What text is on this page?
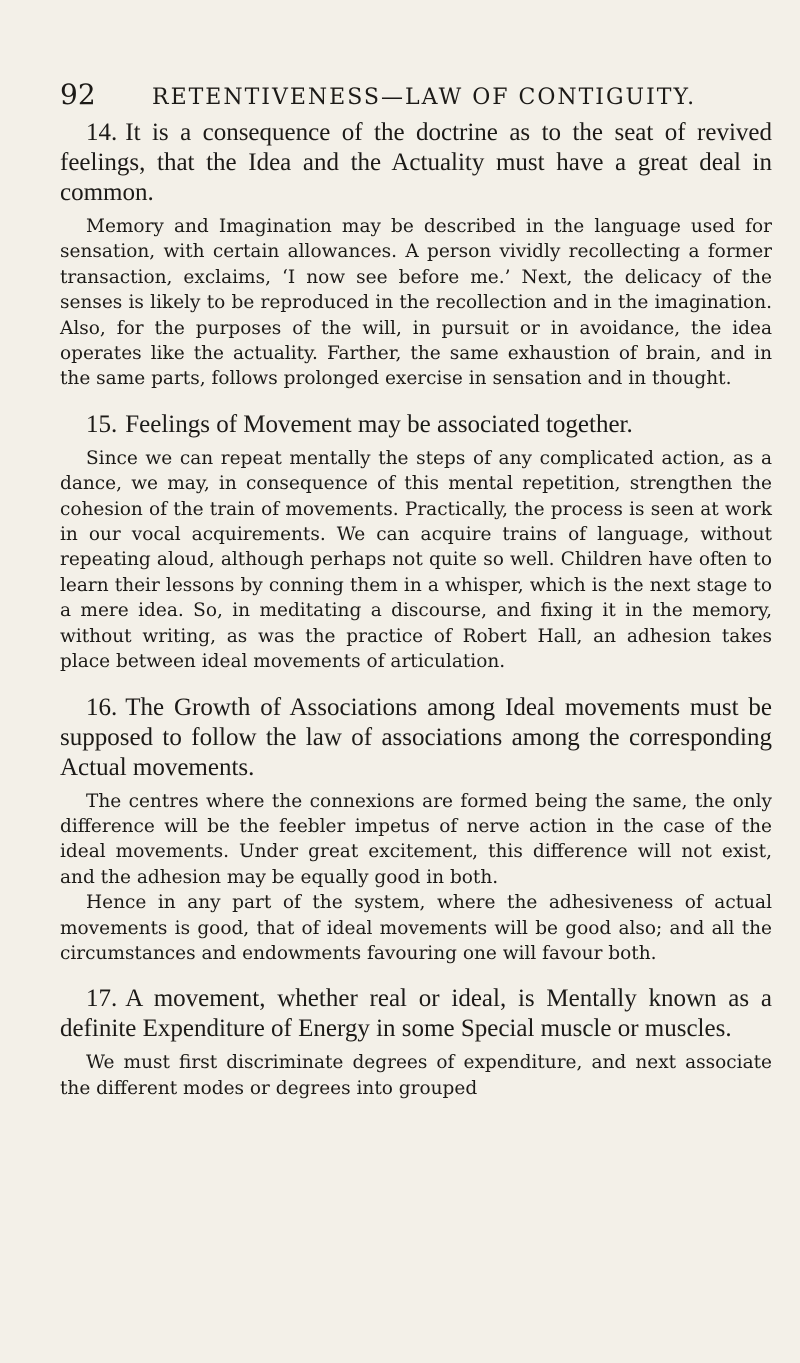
92	RETENTIVENESS—LAW OF CONTIGUITY.

14. It is a consequence of the doctrine as to the seat of revived feelings, that the Idea and the Actuality must have a great deal in common.

Memory and Imagination may be described in the language used for sensation, with certain allowances. A person vividly recollecting a former transaction, exclaims, ‘I now see before me.’ Next, the delicacy of the senses is likely to be reproduced in the recollection and in the imagination. Also, for the purposes of the will, in pursuit or in avoidance, the idea operates like the actuality. Farther, the same exhaustion of brain, and in the same parts, follows prolonged exercise in sensation and in thought.

15. Feelings of Movement may be associated together.

Since we can repeat mentally the steps of any complicated action, as a dance, we may, in consequence of this mental repetition, strengthen the cohesion of the train of movements. Practically, the process is seen at work in our vocal acquirements. We can acquire trains of language, without repeating aloud, although perhaps not quite so well. Children have often to learn their lessons by conning them in a whisper, which is the next stage to a mere idea. So, in meditating a discourse, and fixing it in the memory, without writing, as was the practice of Robert Hall, an adhesion takes place between ideal movements of articulation.

16. The Growth of Associations among Ideal movements must be supposed to follow the law of associations among the corresponding Actual movements.

The centres where the connexions are formed being the same, the only difference will be the feebler impetus of nerve action in the case of the ideal movements. Under great excitement, this difference will not exist, and the adhesion may be equally good in both.

Hence in any part of the system, where the adhesiveness of actual movements is good, that of ideal movements will be good also; and all the circumstances and endowments favouring one will favour both.

17. A movement, whether real or ideal, is Mentally known as a definite Expenditure of Energy in some Special muscle or muscles.

We must first discriminate degrees of expenditure, and next associate the different modes or degrees into grouped
